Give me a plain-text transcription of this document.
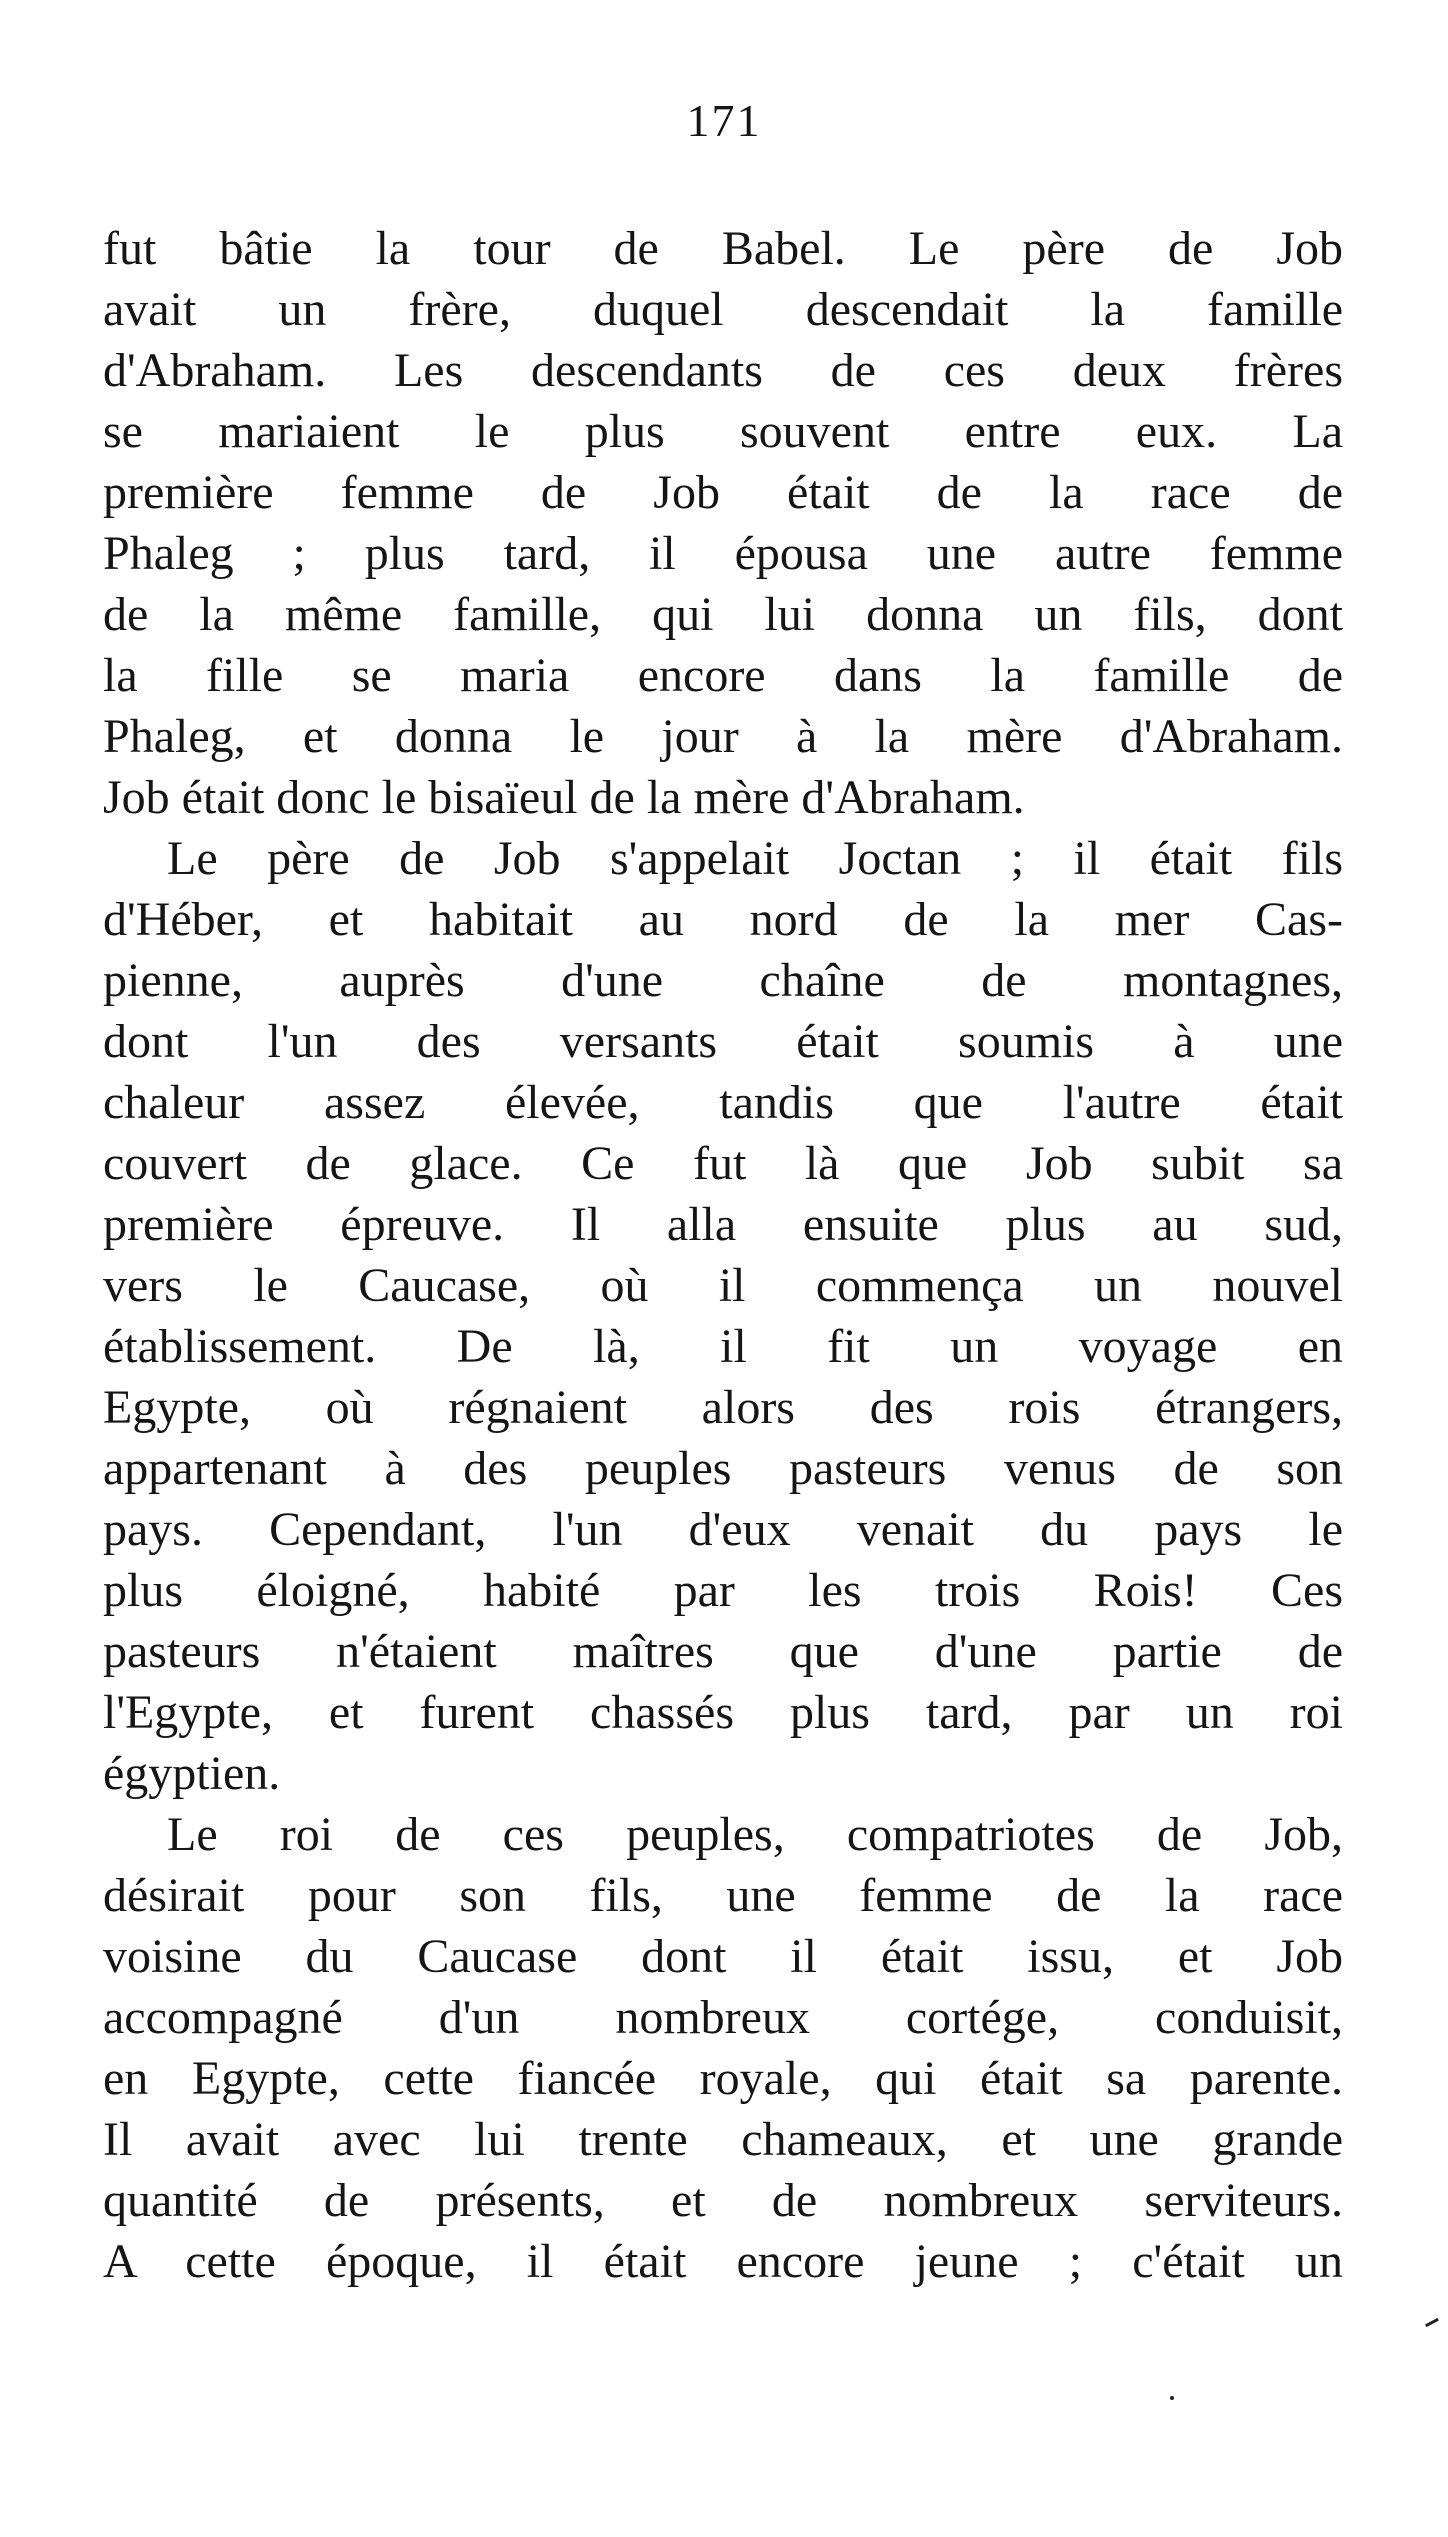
171
fut bâtie la tour de Babel. Le père de Job
avait un frère, duquel descendait la famille
d'Abraham. Les descendants de ces deux frères
se mariaient le plus souvent entre eux. La
première femme de Job était de la race de
Phaleg ; plus tard, il épousa une autre femme
de la même famille, qui lui donna un fils, dont
la fille se maria encore dans la famille de
Phaleg, et donna le jour à la mère d'Abraham.
Job était donc le bisaïeul de la mère d'Abraham.
Le père de Job s'appelait Joctan ; il était fils
d'Héber, et habitait au nord de la mer Cas-
pienne, auprès d'une chaîne de montagnes,
dont l'un des versants était soumis à une
chaleur assez élevée, tandis que l'autre était
couvert de glace. Ce fut là que Job subit sa
première épreuve. Il alla ensuite plus au sud,
vers le Caucase, où il commença un nouvel
établissement. De là, il fit un voyage en
Egypte, où régnaient alors des rois étrangers,
appartenant à des peuples pasteurs venus de son
pays. Cependant, l'un d'eux venait du pays le
plus éloigné, habité par les trois Rois! Ces
pasteurs n'étaient maîtres que d'une partie de
l'Egypte, et furent chassés plus tard, par un roi
égyptien.
Le roi de ces peuples, compatriotes de Job,
désirait pour son fils, une femme de la race
voisine du Caucase dont il était issu, et Job
accompagné d'un nombreux cortége, conduisit,
en Egypte, cette fiancée royale, qui était sa parente.
Il avait avec lui trente chameaux, et une grande
quantité de présents, et de nombreux serviteurs.
A cette époque, il était encore jeune ; c'était un
